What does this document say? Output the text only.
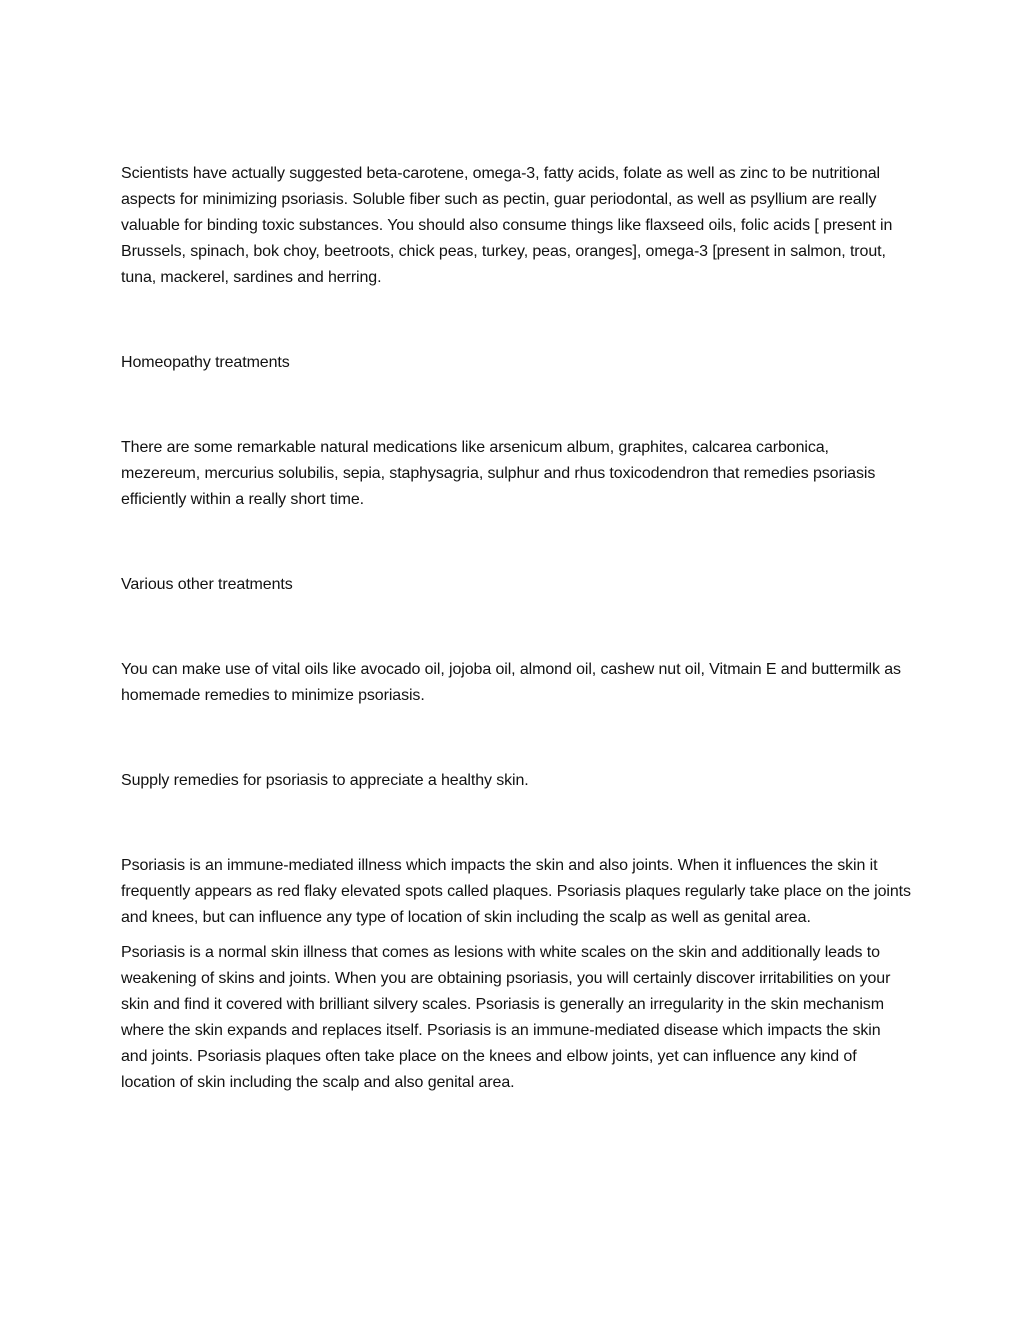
Scientists have actually suggested beta-carotene, omega-3, fatty acids, folate as well as zinc to be nutritional aspects for minimizing psoriasis. Soluble fiber such as pectin, guar periodontal, as well as psyllium are really valuable for binding toxic substances. You should also consume things like flaxseed oils, folic acids [ present in Brussels, spinach, bok choy, beetroots, chick peas, turkey, peas, oranges], omega-3 [present in salmon, trout, tuna, mackerel, sardines and herring.

Homeopathy treatments

There are some remarkable natural medications like arsenicum album, graphites, calcarea carbonica, mezereum, mercurius solubilis, sepia, staphysagria, sulphur and rhus toxicodendron that remedies psoriasis efficiently within a really short time.

Various other treatments

You can make use of vital oils like avocado oil, jojoba oil, almond oil, cashew nut oil, Vitmain E and buttermilk as homemade remedies to minimize psoriasis.

Supply remedies for psoriasis to appreciate a healthy skin.

Psoriasis is an immune-mediated illness which impacts the skin and also joints. When it influences the skin it frequently appears as red flaky elevated spots called plaques. Psoriasis plaques regularly take place on the joints and knees, but can influence any type of location of skin including the scalp as well as genital area.

Psoriasis is a normal skin illness that comes as lesions with white scales on the skin and additionally leads to weakening of skins and joints. When you are obtaining psoriasis, you will certainly discover irritabilities on your skin and find it covered with brilliant silvery scales. Psoriasis is generally an irregularity in the skin mechanism where the skin expands and replaces itself. Psoriasis is an immune-mediated disease which impacts the skin and joints. Psoriasis plaques often take place on the knees and elbow joints, yet can influence any kind of location of skin including the scalp and also genital area.
